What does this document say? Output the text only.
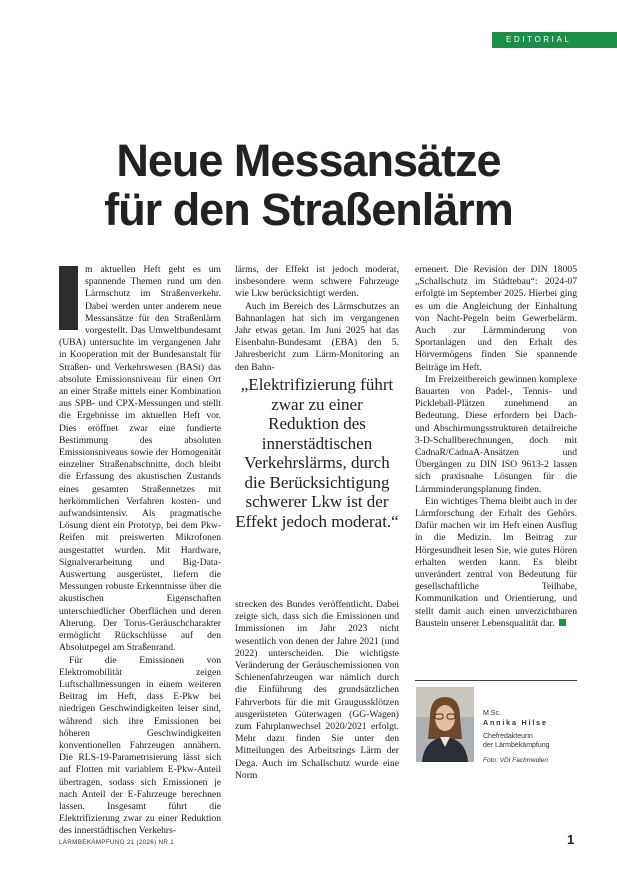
EDITORIAL
Neue Messansätze
für den Straßenlärm

m aktuellen Heft geht es um spannende Themen rund um den Lärmschutz im Straßenverkehr. Dabei werden unter anderem neue Messansätze für den Straßenlärm vorgestellt. Das Umweltbundesamt (UBA) untersuchte im vergangenen Jahr in Kooperation mit der Bundesanstalt für Straßen- und Verkehrswesen (BASt) das absolute Emissionsniveau für einen Ort an einer Straße mittels einer Kombination aus SPB- und CPX-Messungen und stellt die Ergebnisse im aktuellen Heft vor. Dies eröffnet zwar eine fundierte Bestimmung des absoluten Emissionsniveaus sowie der Homogenität einzelner Straßenabschnitte, doch bleibt die Erfassung des akustischen Zustands eines gesamten Straßennetzes mit herkömmlichen Verfahren kosten- und aufwandsintensiv. Als pragmatische Lösung dient ein Prototyp, bei dem Pkw-Reifen mit preiswerten Mikrofonen ausgestattet wurden. Mit Hardware, Signalverarbeitung und Big-Data-Auswertung ausgerüstet, liefern die Messungen robuste Erkenntnisse über die akustischen Eigenschaften unterschiedlicher Oberflächen und deren Alterung. Der Torus-Geräuschcharakter ermöglicht Rückschlüsse auf den Absolutpegel am Straßenrand.

Für die Emissionen von Elektromobilität zeigen Luftschallmessungen in einem weiteren Beitrag im Heft, dass E-Pkw bei niedrigen Geschwindigkeiten leiser sind, während sich ihre Emissionen bei höheren Geschwindigkeiten konventionellen Fahrzeugen annähern. Die RLS-19-Parametrisierung lässt sich auf Flotten mit variablem E-Pkw-Anteil übertragen, sodass sich Emissionen je nach Anteil der E-Fahrzeuge berechnen lassen. Insgesamt führt die Elektrifizierung zwar zu einer Reduktion des innerstädtischen Verkehrs-

lärms, der Effekt ist jedoch moderat, insbesondere wenn schwere Fahrzeuge wie Lkw berücksichtigt werden.

Auch im Bereich des Lärmschutzes an Bahnanlagen hat sich im vergangenen Jahr etwas getan. Im Juni 2025 hat das Eisenbahn-Bundesamt (EBA) den 5. Jahresbericht zum Lärm-Monitoring an den Bahn-

„Elektrifizierung führt zwar zu einer Reduktion des innerstädtischen Verkehrslärms, durch die Berücksichtigung schwerer Lkw ist der Effekt jedoch moderat.“

strecken des Bundes veröffentlicht. Dabei zeigte sich, dass sich die Emissionen und Immissionen im Jahr 2023 nicht wesentlich von denen der Jahre 2021 (und 2022) unterscheiden. Die wichtigste Veränderung der Geräuschemissionen von Schienenfahrzeugen war nämlich durch die Einführung des grundsätzlichen Fahrverbots für die mit Graugussklötzen ausgerüsteten Güterwagen (GG-Wagen) zum Fahrplanwechsel 2020/2021 erfolgt. Mehr dazu finden Sie unter den Mitteilungen des Arbeitsrings Lärm der Dega. Auch im Schallschutz wurde eine Norm

erneuert. Die Revision der DIN 18005 „Schallschutz im Städtebau“: 2024-07 erfolgte im September 2025. Hierbei ging es um die Angleichung der Einhaltung von Nacht-Pegeln beim Gewerbelärm. Auch zur Lärmminderung von Sportanlagen und den Erhalt des Hörvermögens finden Sie spannende Beiträge im Heft.

Im Freizeitbereich gewinnen komplexe Bauarten von Padel-, Tennis- und Pickleball-Plätzen zunehmend an Bedeutung. Diese erfordern bei Dach- und Abschirmungsstrukturen detailreiche 3-D-Schallberechnungen, doch mit CadnaR/CadnaA-Ansätzen und Übergängen zu DIN ISO 9613-2 lassen sich praxisnahe Lösungen für die Lärmminderungsplanung finden.

Ein wichtiges Thema bleibt auch in der Lärmforschung der Erhalt des Gehörs. Dafür machen wir im Heft einen Ausflug in die Medizin. Im Beitrag zur Hörgesundheit lesen Sie, wie gutes Hören erhalten werden kann. Es bleibt unverändert zentral von Bedeutung für gesellschaftliche Teilhabe, Kommunikation und Orientierung, und stellt damit auch einen unverzichtbaren Baustein unserer Lebensqualität dar.

M.Sc.
Annika Hilse
Chefredakteurin
der Lärmbekämpfung
Foto: VDI Fachmedien
LÄRMBEKÄMPFUNG 21 (2026) NR.1	1
